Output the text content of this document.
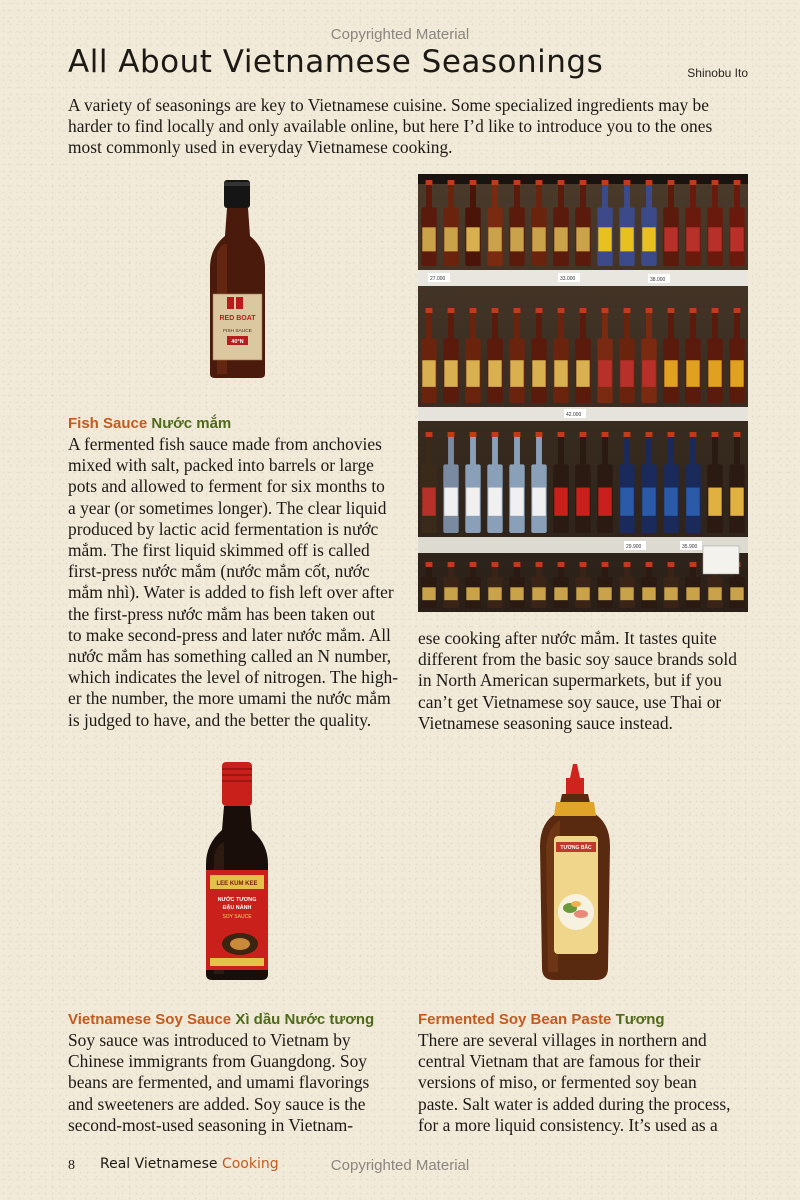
Copyrighted Material
All About Vietnamese Seasonings	Shinobu Ito
A variety of seasonings are key to Vietnamese cuisine. Some specialized ingredients may be
harder to find locally and only available online, but here I’d like to introduce you to the ones
most commonly used in everyday Vietnamese cooking.
RED BOAT
FISH SAUCE
40°N
Fish Sauce Nước mắm
A fermented fish sauce made from anchovies
mixed with salt, packed into barrels or large
pots and allowed to ferment for six months to
a year (or sometimes longer). The clear liquid
produced by lactic acid fermentation is nước
mắm. The first liquid skimmed off is called
first-press nước mắm (nước mắm cốt, nước
mắm nhì). Water is added to fish left over after
the first-press nước mắm has been taken out
to make second-press and later nước mắm. All
nước mắm has something called an N number,
which indicates the level of nitrogen. The high-
er the number, the more umami the nước mắm
is judged to have, and the better the quality.
27.000	33.000	38.000
42.000
29.900	35.900
ese cooking after nước mắm. It tastes quite
different from the basic soy sauce brands sold
in North American supermarkets, but if you
can’t get Vietnamese soy sauce, use Thai or
Vietnamese seasoning sauce instead.
LEE KUM KEE
NƯỚC TƯƠNG
ĐẬU NÀNH
SOY SAUCE
TƯƠNG BẮC
Vietnamese Soy Sauce Xì dầu Nước tương
Soy sauce was introduced to Vietnam by
Chinese immigrants from Guangdong. Soy
beans are fermented, and umami flavorings
and sweeteners are added. Soy sauce is the
second-most-used seasoning in Vietnam-
Fermented Soy Bean Paste Tương
There are several villages in northern and
central Vietnam that are famous for their
versions of miso, or fermented soy bean
paste. Salt water is added during the process,
for a more liquid consistency. It’s used as a
8 Real Vietnamese Cooking	Copyrighted Material
